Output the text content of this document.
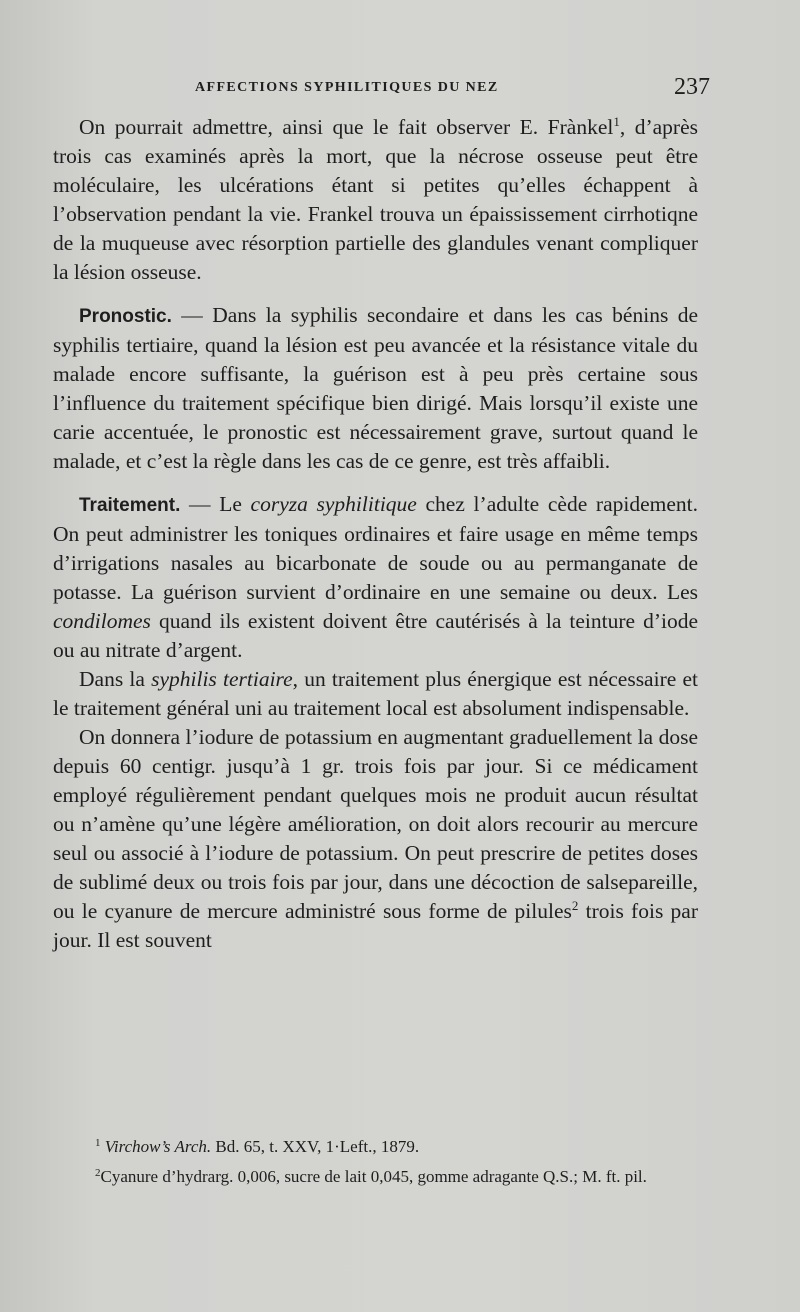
AFFECTIONS SYPHILITIQUES DU NEZ	237

On pourrait admettre, ainsi que le fait observer E. Frànkel$^1$, d’après trois cas examinés après la mort, que la nécrose osseuse peut être moléculaire, les ulcérations étant si petites qu’elles échappent à l’observation pendant la vie. Frankel trouva un épaississement cirrhotiqne de la muqueuse avec résorption partielle des glandules venant compliquer la lésion osseuse.

Pronostic. — Dans la syphilis secondaire et dans les cas bénins de syphilis tertiaire, quand la lésion est peu avancée et la résistance vitale du malade encore suffisante, la guérison est à peu près certaine sous l’influence du traitement spécifique bien dirigé. Mais lorsqu’il existe une carie accentuée, le pronostic est nécessairement grave, surtout quand le malade, et c’est la règle dans les cas de ce genre, est très affaibli.

Traitement. — Le coryza syphilitique chez l’adulte cède rapidement. On peut administrer les toniques ordinaires et faire usage en même temps d’irrigations nasales au bicarbonate de soude ou au permanganate de potasse. La guérison survient d’ordinaire en une semaine ou deux. Les condilomes quand ils existent doivent être cautérisés à la teinture d’iode ou au nitrate d’argent.

Dans la syphilis tertiaire, un traitement plus énergique est nécessaire et le traitement général uni au traitement local est absolument indispensable.

On donnera l’iodure de potassium en augmentant graduellement la dose depuis 60 centigr. jusqu’à 1 gr. trois fois par jour. Si ce médicament employé régulièrement pendant quelques mois ne produit aucun résultat ou n’amène qu’une légère amélioration, on doit alors recourir au mercure seul ou associé à l’iodure de potassium. On peut prescrire de petites doses de sublimé deux ou trois fois par jour, dans une décoction de salsepareille, ou le cyanure de mercure administré sous forme de pilules$^2$ trois fois par jour. Il est souvent

$^1$ Virchow’s Arch. Bd. 65, t. XXV, 1·Left., 1879.

$^2$Cyanure d’hydrarg. 0,006, sucre de lait 0,045, gomme adragante Q.S.; M. ft. pil.
